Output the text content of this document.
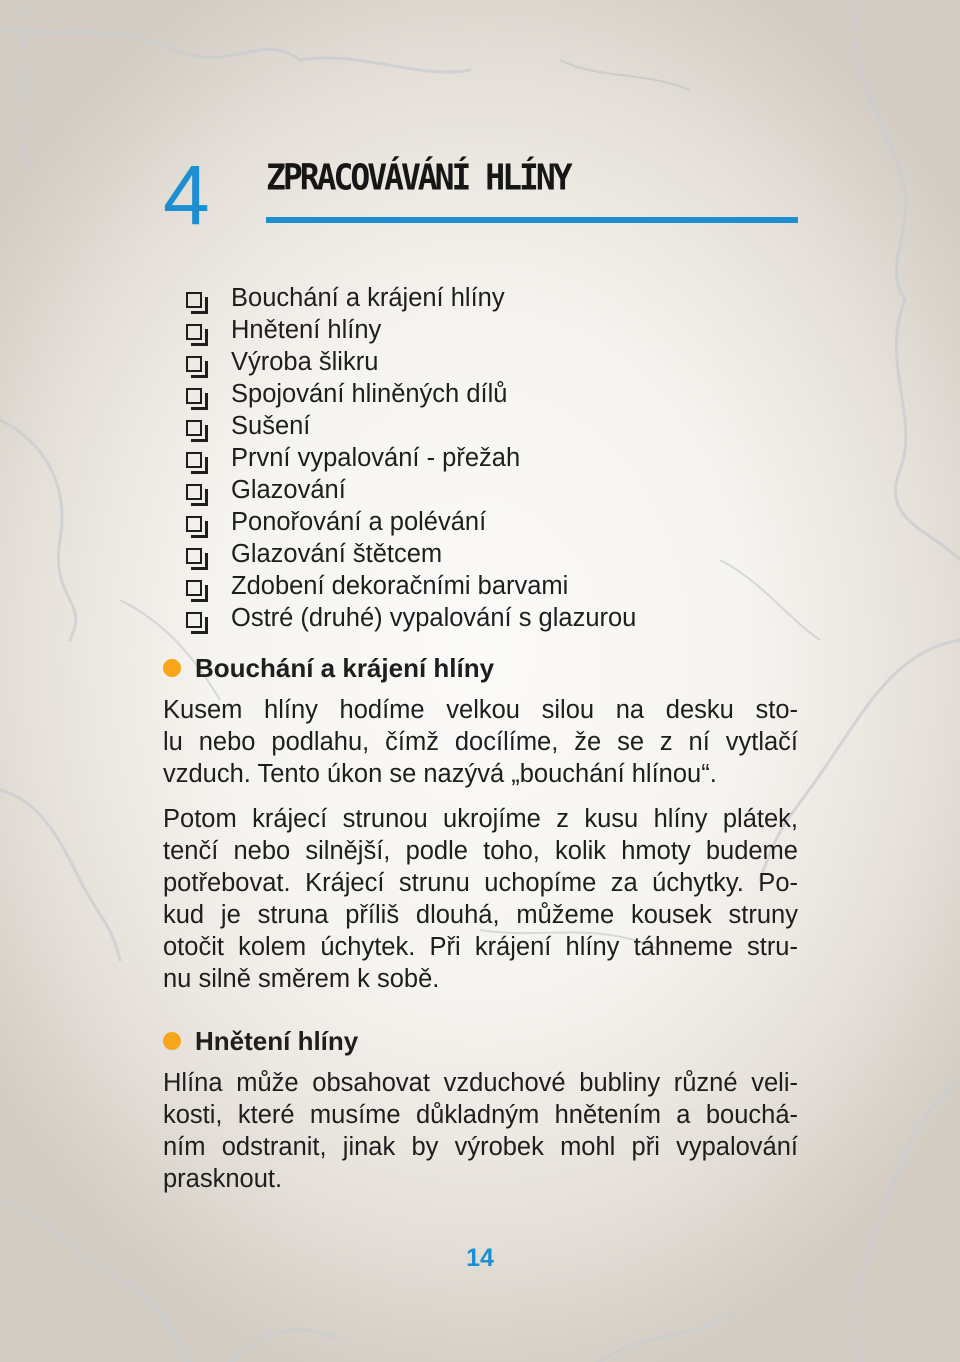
4 ZPRACOVÁVÁNÍ HLÍNY
Bouchání a krájení hlíny
Hnětení hlíny
Výroba šlikru
Spojování hliněných dílů
Sušení
První vypalování - přežah
Glazování
Ponořování a polévání
Glazování štětcem
Zdobení dekoračními barvami
Ostré (druhé) vypalování s glazurou
Bouchání a krájení hlíny

Kusem hlíny hodíme velkou silou na desku sto-
lu nebo podlahu, čímž docílíme, že se z ní vytlačí
vzduch. Tento úkon se nazývá „bouchání hlínou“.

Potom krájecí strunou ukrojíme z kusu hlíny plátek,
tenčí nebo silnější, podle toho, kolik hmoty budeme
potřebovat. Krájecí strunu uchopíme za úchytky. Po-
kud je struna příliš dlouhá, můžeme kousek struny
otočit kolem úchytek. Při krájení hlíny táhneme stru-
nu silně směrem k sobě.

Hnětení hlíny

Hlína může obsahovat vzduchové bubliny různé veli-
kosti, které musíme důkladným hnětením a bouchá-
ním odstranit, jinak by výrobek mohl při vypalování
prasknout.

14
